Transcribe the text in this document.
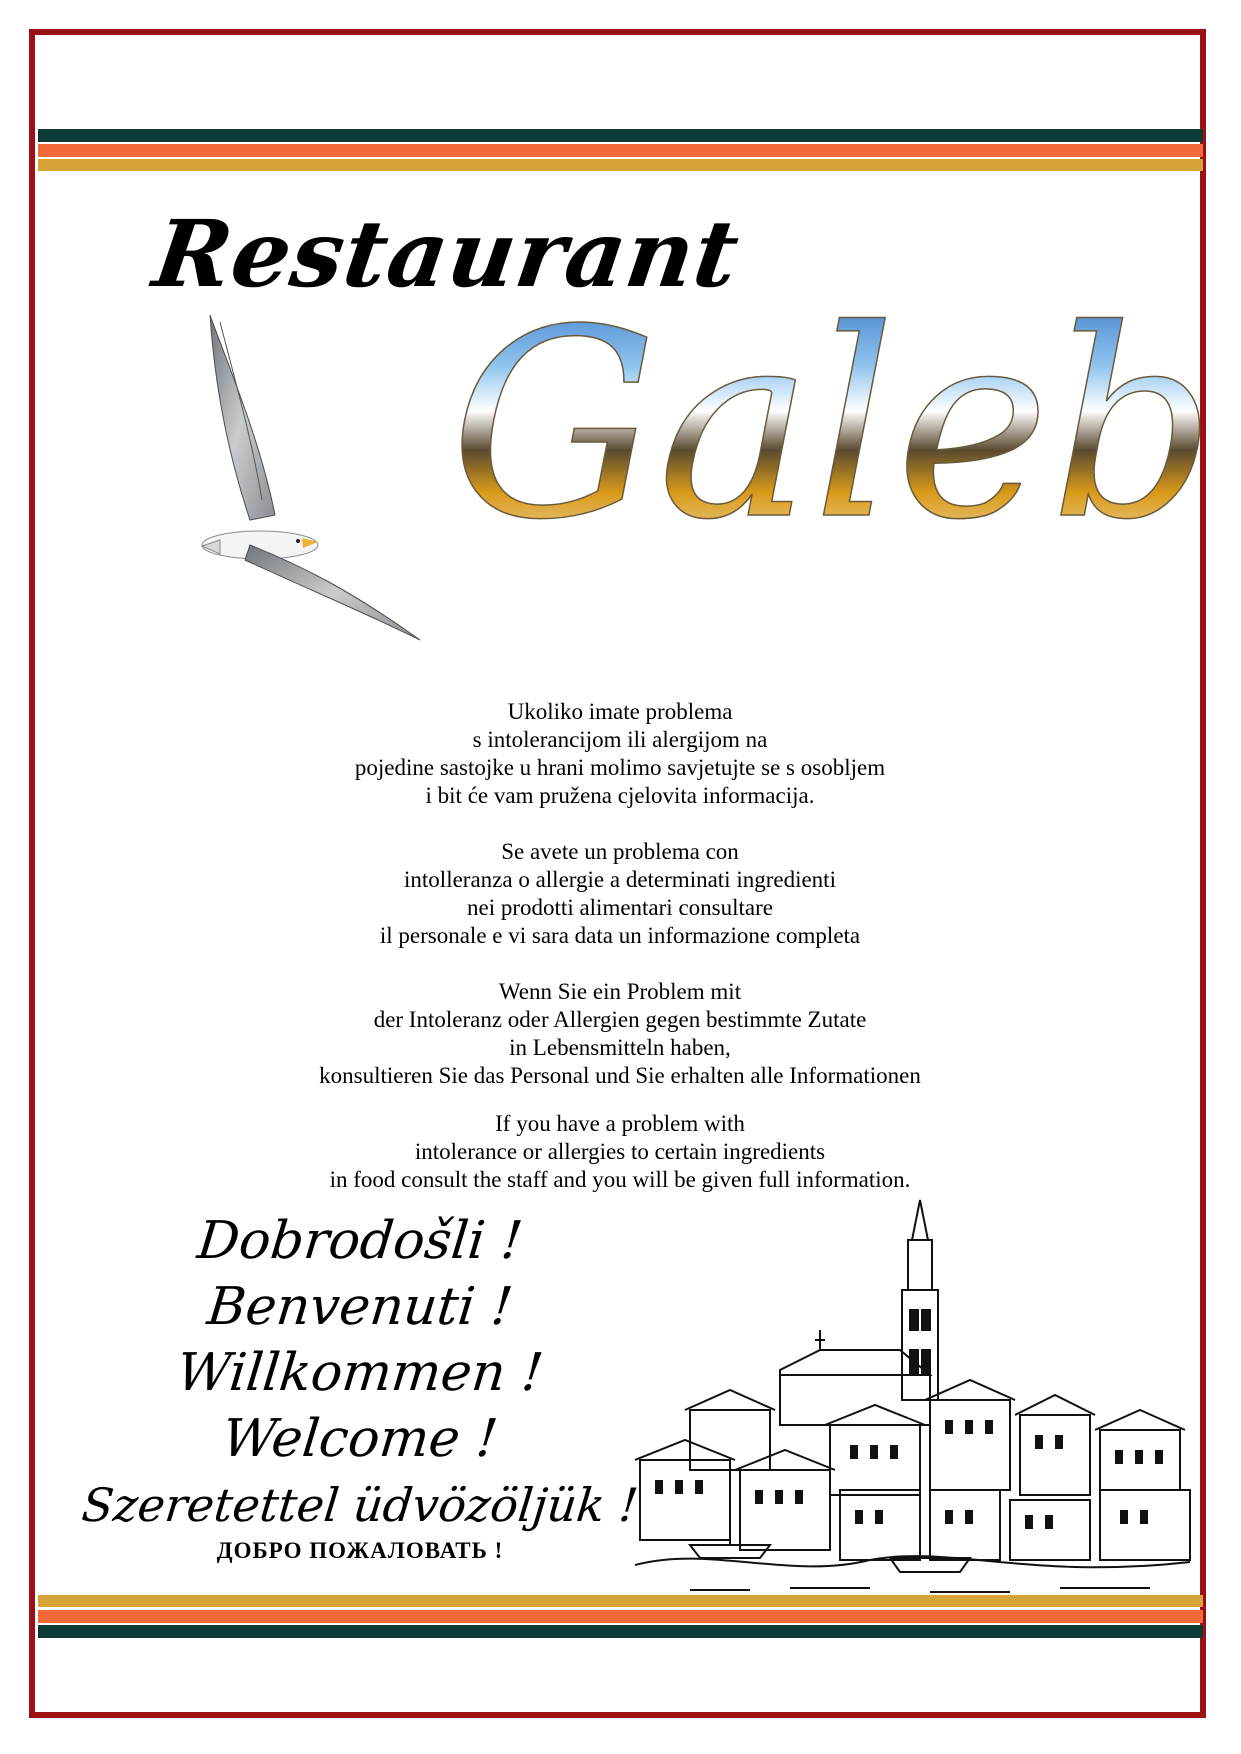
Restaurant
Galeb

Ukoliko imate problema
s intolerancijom ili alergijom na
pojedine sastojke u hrani molimo savjetujte se s osobljem
i bit će vam pružena cjelovita informacija.

Se avete un problema con
intolleranza o allergie a determinati ingredienti
nei prodotti alimentari consultare
il personale e vi sara data un informazione completa

Wenn Sie ein Problem mit
der Intoleranz oder Allergien gegen bestimmte Zutate
in Lebensmitteln haben,
konsultieren Sie das Personal und Sie erhalten alle Informationen

If you have a problem with
intolerance or allergies to certain ingredients
in food consult the staff and you will be given full information.

Dobrodošli !
Benvenuti !
Willkommen !
Welcome !
Szeretettel üdvözöljük !
ДОБРО ПОЖАЛОВАТЬ !
